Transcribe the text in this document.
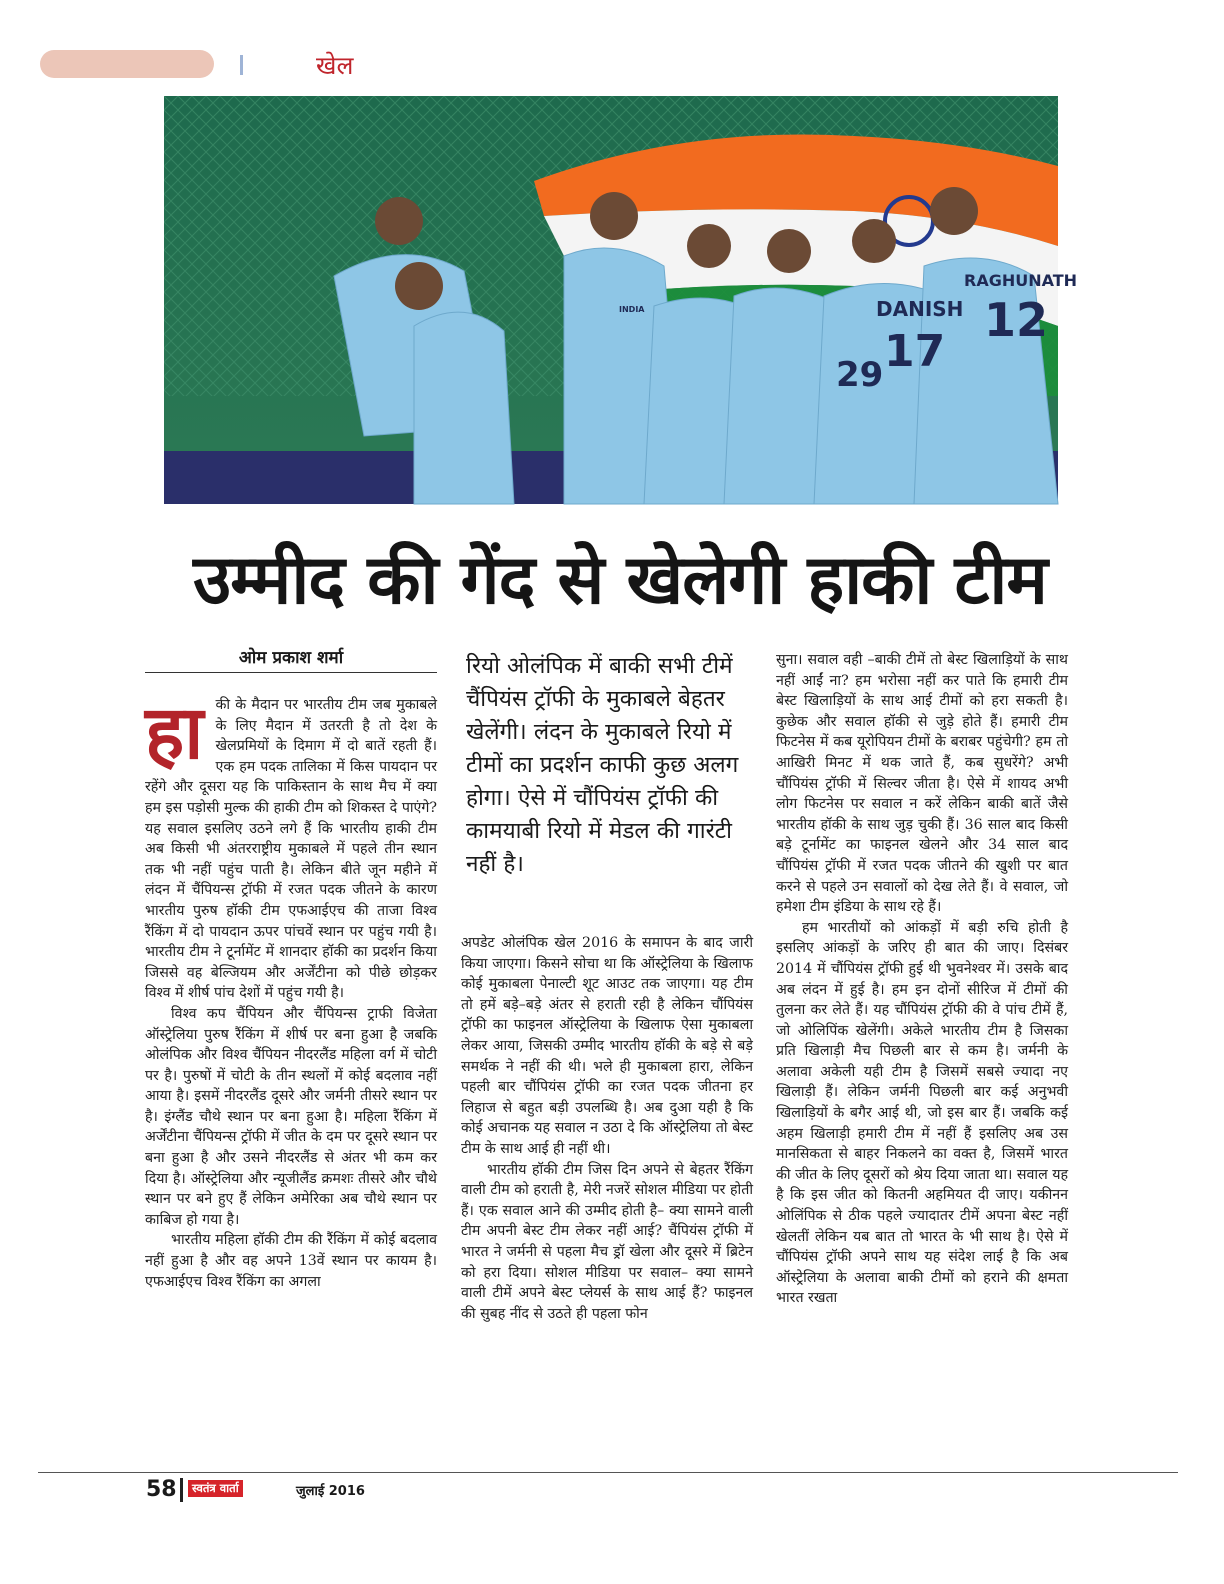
खेल
DANISH
RAGHUNATH
17
12
29
INDIA
उम्मीद की गेंद से खेलेगी हाकी टीम
ओम प्रकाश शर्मा

हाकी के मैदान पर भारतीय टीम जब मुकाबले के लिए मैदान में उतरती है तो देश के खेलप्रमियों के दिमाग में दो बातें रहती हैं। एक हम पदक तालिका में किस पायदान पर रहेंगे और दूसरा यह कि पाकिस्तान के साथ मैच में क्या हम इस पड़ोसी मुल्क की हाकी टीम को शिकस्त दे पाएंगे? यह सवाल इसलिए उठने लगे हैं कि भारतीय हाकी टीम अब किसी भी अंतरराष्ट्रीय मुकाबले में पहले तीन स्थान तक भी नहीं पहुंच पाती है। लेकिन बीते जून महीने में लंदन में चैंपियन्स ट्रॉफी में रजत पदक जीतने के कारण भारतीय पुरुष हॉकी टीम एफआईएच की ताजा विश्व रैंकिंग में दो पायदान ऊपर पांचवें स्थान पर पहुंच गयी है। भारतीय टीम ने टूर्नामेंट में शानदार हॉकी का प्रदर्शन किया जिससे वह बेल्जियम और अर्जेंटीना को पीछे छोड़कर विश्व में शीर्ष पांच देशों में पहुंच गयी है।

विश्व कप चैंपियन और चैंपियन्स ट्राफी विजेता ऑस्ट्रेलिया पुरुष रैंकिंग में शीर्ष पर बना हुआ है जबकि ओलंपिक और विश्व चैंपियन नीदरलैंड महिला वर्ग में चोटी पर है। पुरुषों में चोटी के तीन स्थलों में कोई बदलाव नहीं आया है। इसमें नीदरलैंड दूसरे और जर्मनी तीसरे स्थान पर है। इंग्लैंड चौथे स्थान पर बना हुआ है। महिला रैंकिंग में अर्जेंटीना चैंपियन्स ट्रॉफी में जीत के दम पर दूसरे स्थान पर बना हुआ है और उसने नीदरलैंड से अंतर भी कम कर दिया है। ऑस्ट्रेलिया और न्यूजीलैंड क्रमशः तीसरे और चौथे स्थान पर बने हुए हैं लेकिन अमेरिका अब चौथे स्थान पर काबिज हो गया है।

भारतीय महिला हॉकी टीम की रैंकिंग में कोई बदलाव नहीं हुआ है और वह अपने 13वें स्थान पर कायम है। एफआईएच विश्व रैंकिंग का अगला

रियो ओलंपिक में बाकी सभी टीमें चैंपियंस ट्रॉफी के मुकाबले बेहतर खेलेंगी। लंदन के मुकाबले रियो में टीमों का प्रदर्शन काफी कुछ अलग होगा। ऐसे में चौंपियंस ट्रॉफी की कामयाबी रियो में मेडल की गारंटी नहीं है।

अपडेट ओलंपिक खेल 2016 के समापन के बाद जारी किया जाएगा। किसने सोचा था कि ऑस्ट्रेलिया के खिलाफ कोई मुकाबला पेनाल्टी शूट आउट तक जाएगा। यह टीम तो हमें बड़े–बड़े अंतर से हराती रही है लेकिन चौंपियंस ट्रॉफी का फाइनल ऑस्ट्रेलिया के खिलाफ ऐसा मुकाबला लेकर आया, जिसकी उम्मीद भारतीय हॉकी के बड़े से बड़े समर्थक ने नहीं की थी। भले ही मुकाबला हारा, लेकिन पहली बार चौंपियंस ट्रॉफी का रजत पदक जीतना हर लिहाज से बहुत बड़ी उपलब्धि है। अब दुआ यही है कि कोई अचानक यह सवाल न उठा दे कि ऑस्ट्रेलिया तो बेस्ट टीम के साथ आई ही नहीं थी।

भारतीय हॉकी टीम जिस दिन अपने से बेहतर रैंकिंग वाली टीम को हराती है, मेरी नजरें सोशल मीडिया पर होती हैं। एक सवाल आने की उम्मीद होती है– क्या सामने वाली टीम अपनी बेस्ट टीम लेकर नहीं आई? चैंपियंस ट्रॉफी में भारत ने जर्मनी से पहला मैच ड्रॉ खेला और दूसरे में ब्रिटेन को हरा दिया। सोशल मीडिया पर सवाल– क्या सामने वाली टीमें अपने बेस्ट प्लेयर्स के साथ आई हैं? फाइनल की सुबह नींद से उठते ही पहला फोन

सुना। सवाल वही –बाकी टीमें तो बेस्ट खिलाड़ियों के साथ नहीं आईं ना? हम भरोसा नहीं कर पाते कि हमारी टीम बेस्ट खिलाड़ियों के साथ आई टीमों को हरा सकती है। कुछेक और सवाल हॉकी से जुड़े होते हैं। हमारी टीम फिटनेस में कब यूरोपियन टीमों के बराबर पहुंचेगी? हम तो आखिरी मिनट में थक जाते हैं, कब सुधरेंगे? अभी चौंपियंस ट्रॉफी में सिल्वर जीता है। ऐसे में शायद अभी लोग फिटनेस पर सवाल न करें लेकिन बाकी बातें जैसे भारतीय हॉकी के साथ जुड़ चुकी हैं। 36 साल बाद किसी बड़े टूर्नामेंट का फाइनल खेलने और 34 साल बाद चौंपियंस ट्रॉफी में रजत पदक जीतने की खुशी पर बात करने से पहले उन सवालों को देख लेते हैं। वे सवाल, जो हमेशा टीम इंडिया के साथ रहे हैं।

हम भारतीयों को आंकड़ों में बड़ी रुचि होती है इसलिए आंकड़ों के जरिए ही बात की जाए। दिसंबर 2014 में चौंपियंस ट्रॉफी हुई थी भुवनेश्वर में। उसके बाद अब लंदन में हुई है। हम इन दोनों सीरिज में टीमों की तुलना कर लेते हैं। यह चौंपियंस ट्रॉफी की वे पांच टीमें हैं, जो ओलिपिंक खेलेंगी। अकेले भारतीय टीम है जिसका प्रति खिलाड़ी मैच पिछली बार से कम है। जर्मनी के अलावा अकेली यही टीम है जिसमें सबसे ज्यादा नए खिलाड़ी हैं। लेकिन जर्मनी पिछली बार कई अनुभवी खिलाड़ियों के बगैर आई थी, जो इस बार हैं। जबकि कई अहम खिलाड़ी हमारी टीम में नहीं हैं इसलिए अब उस मानसिकता से बाहर निकलने का वक्त है, जिसमें भारत की जीत के लिए दूसरों को श्रेय दिया जाता था। सवाल यह है कि इस जीत को कितनी अहमियत दी जाए। यकीनन ओलिंपिक से ठीक पहले ज्यादातर टीमें अपना बेस्ट नहीं खेलतीं लेकिन यब बात तो भारत के भी साथ है। ऐसे में चौंपियंस ट्रॉफी अपने साथ यह संदेश लाई है कि अब ऑस्ट्रेलिया के अलावा बाकी टीमों को हराने की क्षमता भारत रखता

58	स्वतंत्र वार्ता	जुलाई 2016
